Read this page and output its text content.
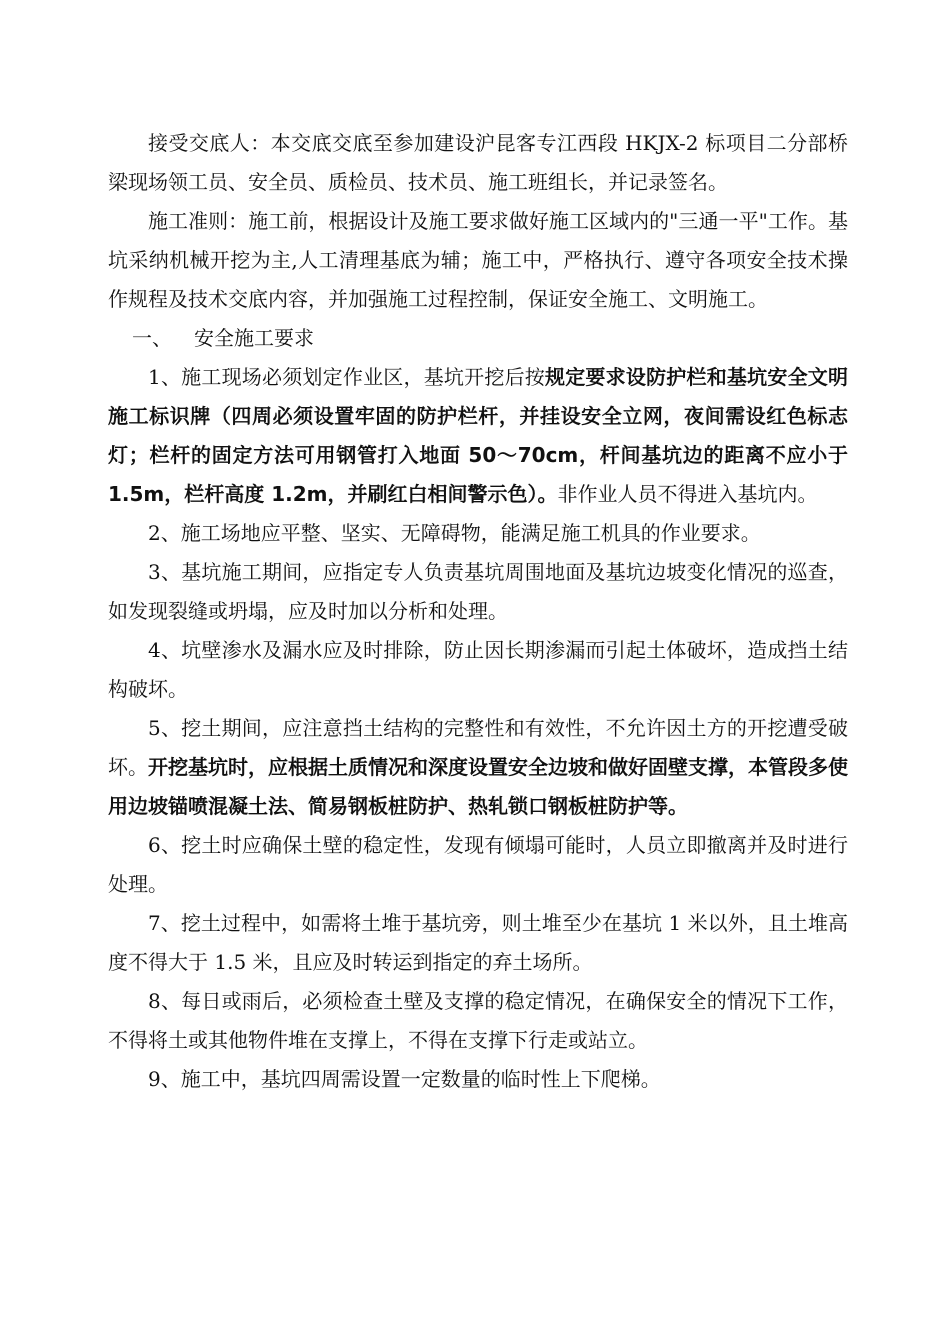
接受交底人：本交底交底至参加建设沪昆客专江西段 HKJX-2 标项目二分部桥梁现场领工员、安全员、质检员、技术员、施工班组长，并记录签名。

施工准则：施工前，根据设计及施工要求做好施工区域内的"三通一平"工作。基坑采纳机械开挖为主,人工清理基底为辅；施工中，严格执行、遵守各项安全技术操作规程及技术交底内容，并加强施工过程控制，保证安全施工、文明施工。

一、 安全施工要求

1、施工现场必须划定作业区，基坑开挖后按规定要求设防护栏和基坑安全文明施工标识牌（四周必须设置牢固的防护栏杆，并挂设安全立网，夜间需设红色标志灯；栏杆的固定方法可用钢管打入地面 50～70cm，杆间基坑边的距离不应小于 1.5m，栏杆高度 1.2m，并刷红白相间警示色）。非作业人员不得进入基坑内。

2、施工场地应平整、坚实、无障碍物，能满足施工机具的作业要求。

3、基坑施工期间，应指定专人负责基坑周围地面及基坑边坡变化情况的巡查，如发现裂缝或坍塌，应及时加以分析和处理。

4、坑壁渗水及漏水应及时排除，防止因长期渗漏而引起土体破坏，造成挡土结构破坏。

5、挖土期间，应注意挡土结构的完整性和有效性，不允许因土方的开挖遭受破坏。开挖基坑时，应根据土质情况和深度设置安全边坡和做好固壁支撑，本管段多使用边坡锚喷混凝土法、简易钢板桩防护、热轧锁口钢板桩防护等。

6、挖土时应确保土壁的稳定性，发现有倾塌可能时，人员立即撤离并及时进行处理。

7、挖土过程中，如需将土堆于基坑旁，则土堆至少在基坑 1 米以外，且土堆高度不得大于 1.5 米，且应及时转运到指定的弃土场所。

8、每日或雨后，必须检查土壁及支撑的稳定情况，在确保安全的情况下工作，不得将土或其他物件堆在支撑上，不得在支撑下行走或站立。

9、施工中，基坑四周需设置一定数量的临时性上下爬梯。
